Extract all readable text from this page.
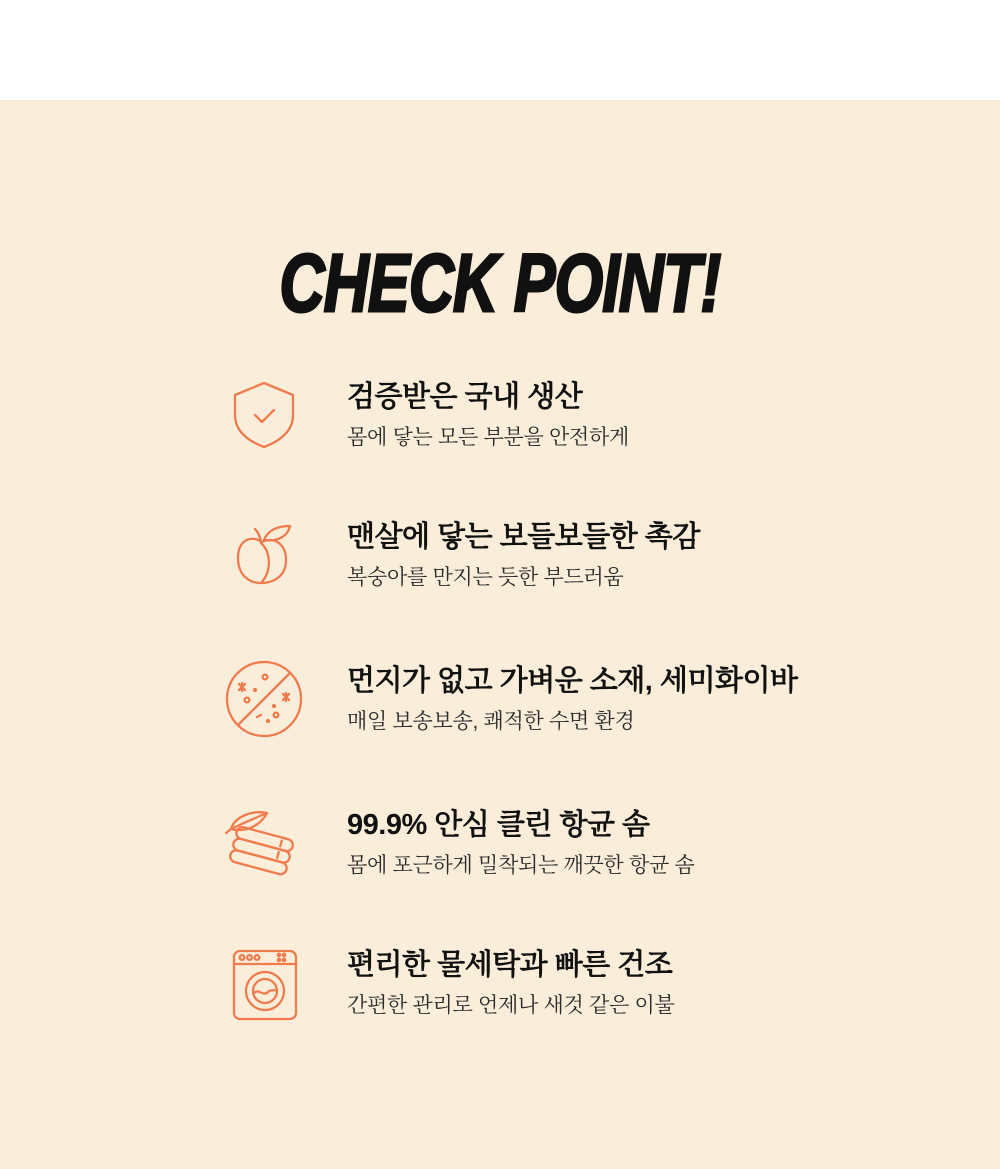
CHECK POINT!
검증받은 국내 생산
몸에 닿는 모든 부분을 안전하게
맨살에 닿는 보들보들한 촉감
복숭아를 만지는 듯한 부드러움
먼지가 없고 가벼운 소재, 세미화이바
매일 보송보송, 쾌적한 수면 환경
99.9% 안심 클린 항균 솜
몸에 포근하게 밀착되는 깨끗한 항균 솜
편리한 물세탁과 빠른 건조
간편한 관리로 언제나 새것 같은 이불
